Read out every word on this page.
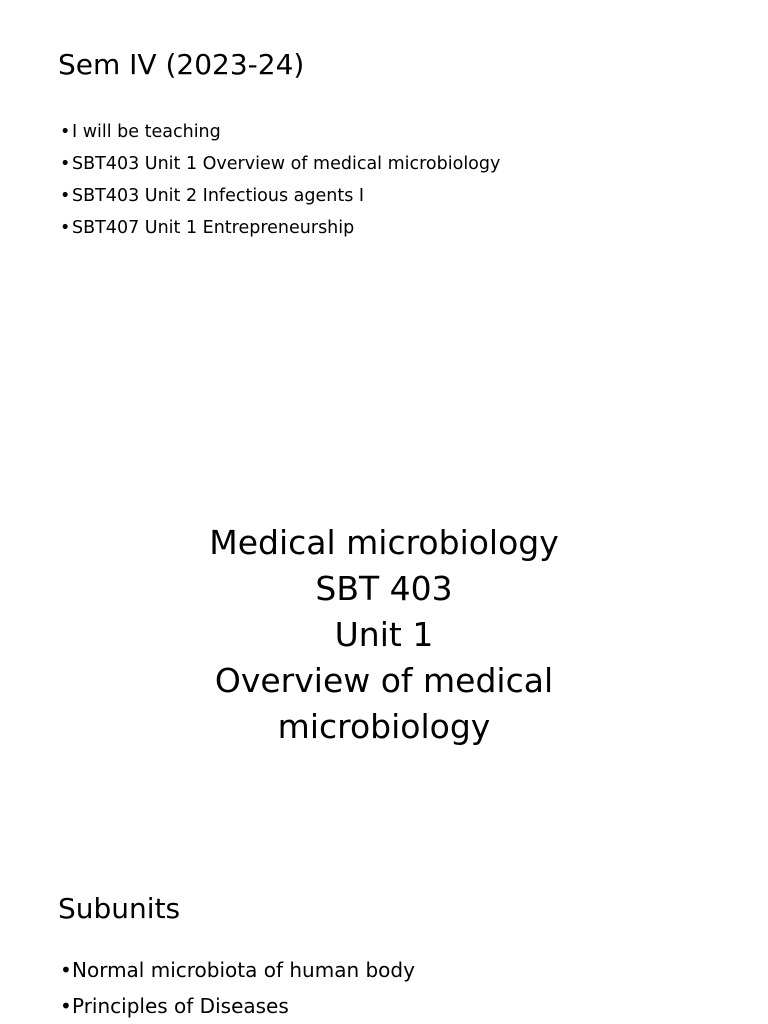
Sem IV (2023-24)
• I will be teaching
• SBT403 Unit 1 Overview of medical microbiology
• SBT403 Unit 2 Infectious agents I
• SBT407 Unit 1 Entrepreneurship
Medical microbiology
SBT 403
Unit 1
Overview of medical
microbiology
Subunits
• Normal microbiota of human body
• Principles of Diseases
